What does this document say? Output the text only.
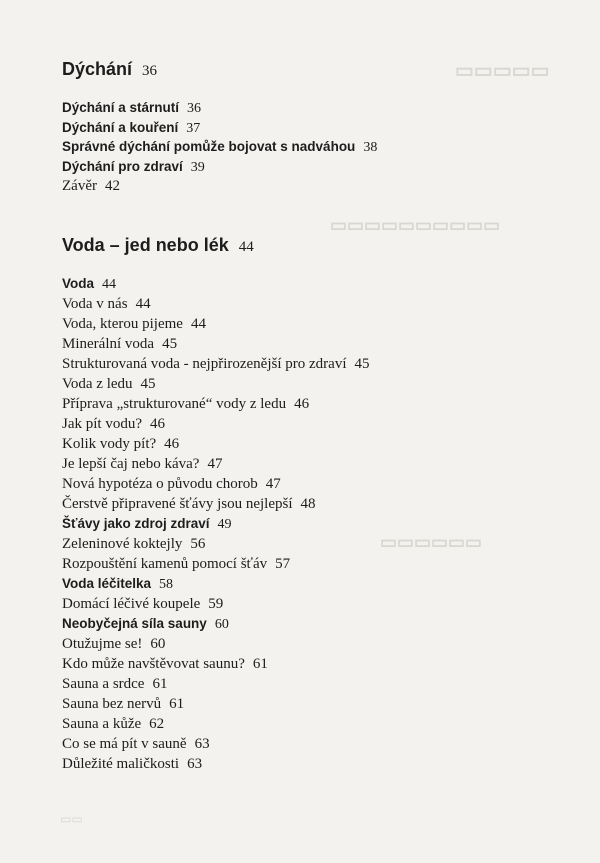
▭▭▭▭▭
▭▭▭▭▭▭▭▭▭▭
▭▭▭▭▭▭
▭▭
Dýchání 36
Dýchání a stárnutí 36
Dýchání a kouření 37
Správné dýchání pomůže bojovat s nadváhou 38
Dýchání pro zdraví 39
Závěr 42
Voda – jed nebo lék 44
Voda 44
Voda v nás 44
Voda, kterou pijeme 44
Minerální voda 45
Strukturovaná voda - nejpřirozenější pro zdraví 45
Voda z ledu 45
Příprava „strukturované“ vody z ledu 46
Jak pít vodu? 46
Kolik vody pít? 46
Je lepší čaj nebo káva? 47
Nová hypotéza o původu chorob 47
Čerstvě připravené šťávy jsou nejlepší 48
Šťávy jako zdroj zdraví 49
Zeleninové koktejly 56
Rozpouštění kamenů pomocí šťáv 57
Voda léčitelka 58
Domácí léčivé koupele 59
Neobyčejná síla sauny 60
Otužujme se! 60
Kdo může navštěvovat saunu? 61
Sauna a srdce 61
Sauna bez nervů 61
Sauna a kůže 62
Co se má pít v sauně 63
Důležité maličkosti 63
